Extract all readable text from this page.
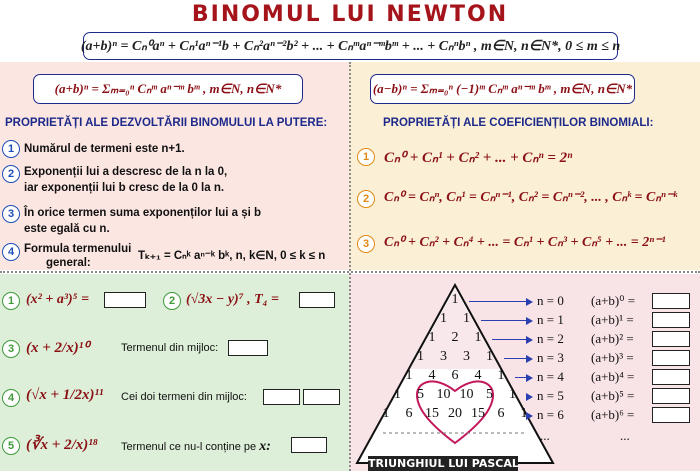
BINOMUL LUI NEWTON
(a+b)ⁿ = Cₙ⁰aⁿ + Cₙ¹aⁿ⁻¹b + Cₙ²aⁿ⁻²b² + ... + Cₙᵐaⁿ⁻ᵐbᵐ + ... + Cₙⁿbⁿ , m∈N, n∈N*, 0 ≤ m ≤ n
(a+b)ⁿ = Σₘ₌₀ⁿ Cₙᵐ aⁿ⁻ᵐ bᵐ , m∈N, n∈N*
PROPRIETĂȚI ALE DEZVOLTĂRII BINOMULUI LA PUTERE:
1 Numărul de termeni este n+1.
2 Exponenții lui a descresc de la n la 0,
iar exponenții lui b cresc de la 0 la n.
3 În orice termen suma exponenților lui a și b
este egală cu n.
4 Formula termenului
general:
Tₖ₊₁ = Cₙᵏ aⁿ⁻ᵏ bᵏ, n, k∈N, 0 ≤ k ≤ n
(a−b)ⁿ = Σₘ₌₀ⁿ (−1)ᵐ Cₙᵐ aⁿ⁻ᵐ bᵐ , m∈N, n∈N*
PROPRIETĂȚI ALE COEFICIENȚILOR BINOMIALI:
1 Cₙ⁰ + Cₙ¹ + Cₙ² + ... + Cₙⁿ = 2ⁿ
2	Cₙ⁰ = Cₙⁿ, Cₙ¹ = Cₙⁿ⁻¹, Cₙ² = Cₙⁿ⁻², ... , Cₙᵏ = Cₙⁿ⁻ᵏ
3	Cₙ⁰ + Cₙ² + Cₙ⁴ + ... = Cₙ¹ + Cₙ³ + Cₙ⁵ + ... = 2ⁿ⁻¹
1 (x² + a³)⁵ =	2 (√3x − y)⁷ , T₄ =
3 (x + 2/x)¹⁰	Termenul din mijloc:
4 (√x + 1/2x)¹¹ Cei doi termeni din mijloc:
5 (∛x + 2/x)¹⁸ Termenul ce nu-l conține pe x:
1
1	1
1	2	1
1	3	3	1
1	4	6	4	1
1	5 10 10 5	1
1	6 15 20 15 6	1
TRIUNGHIUL LUI PASCAL
n = 0 (a+b)⁰ =
n = 1 (a+b)¹ =
n = 2 (a+b)² =
n = 3 (a+b)³ =
n = 4 (a+b)⁴ =
n = 5 (a+b)⁵ =
n = 6 (a+b)⁶ =
...	...
